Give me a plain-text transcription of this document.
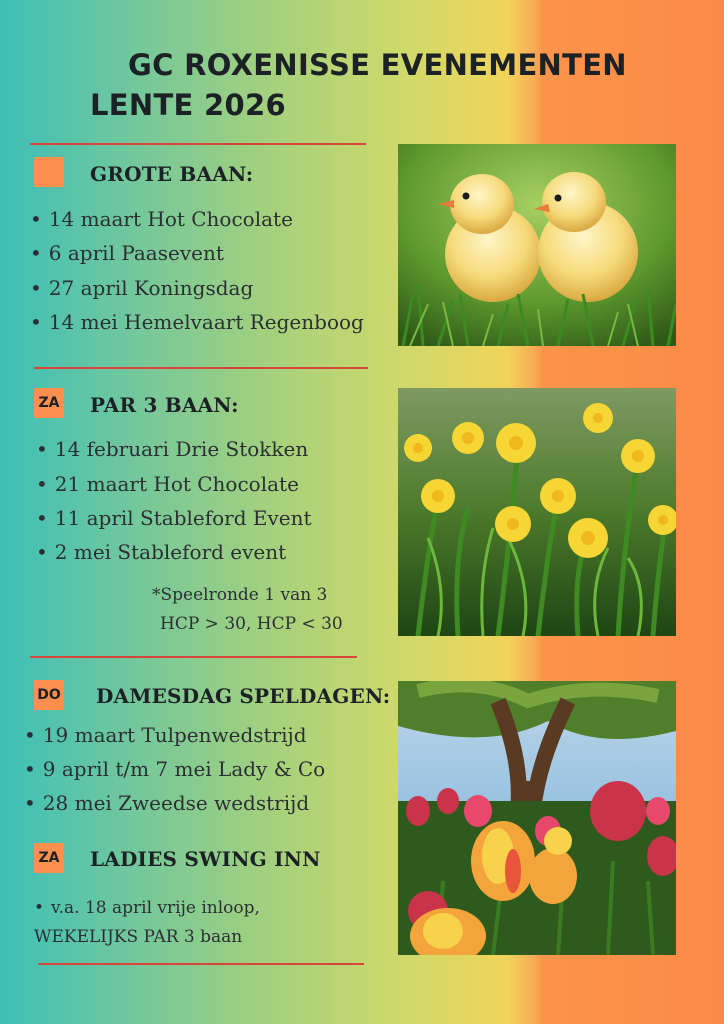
GC ROXENISSE EVENEMENTEN
LENTE 2026
GROTE BAAN:
• 14 maart Hot Chocolate
• 6 april Paasevent
• 27 april Koningsdag
• 14 mei Hemelvaart Regenboog
ZA PAR 3 BAAN:
• 14 februari Drie Stokken
• 21 maart Hot Chocolate
• 11 april Stableford Event
• 2 mei Stableford event
*Speelronde 1 van 3
HCP > 30, HCP < 30
DO DAMESDAG SPELDAGEN:
• 19 maart Tulpenwedstrijd
• 9 april t/m 7 mei Lady & Co
• 28 mei Zweedse wedstrijd
ZA LADIES SWING INN
• v.a. 18 april vrije inloop,
WEKELIJKS PAR 3 baan
